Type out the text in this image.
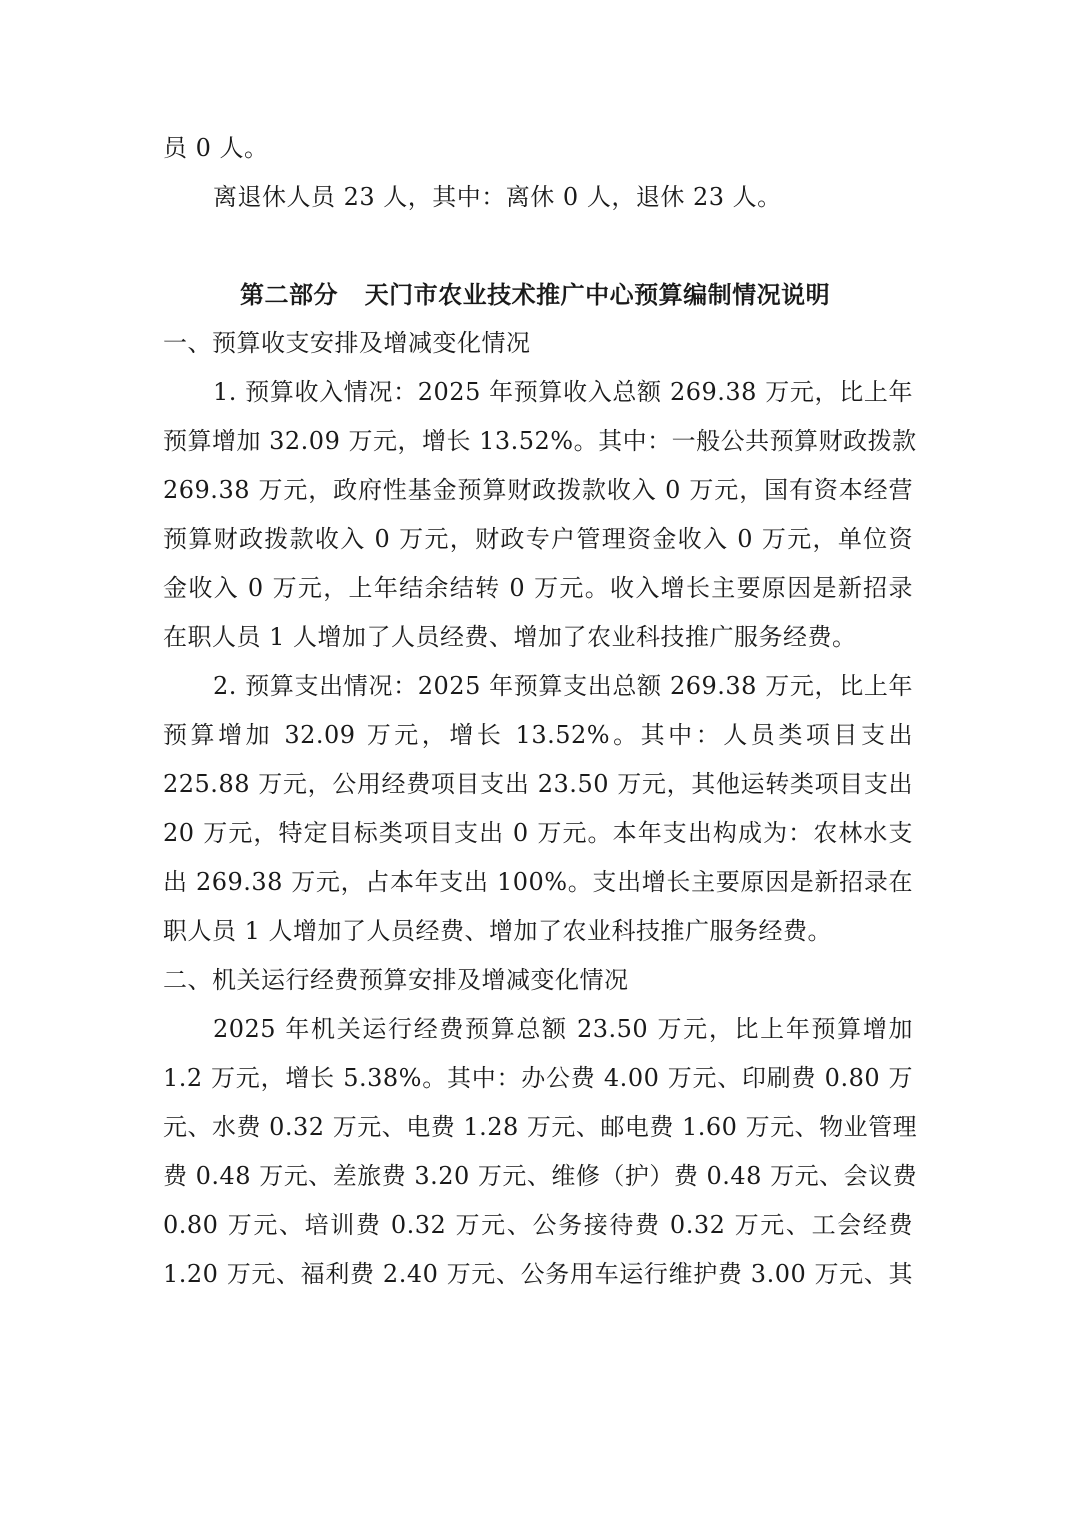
员 0 人。
离退休人员 23 人，其中：离休 0 人，退休 23 人。
第二部分   天门市农业技术推广中心预算编制情况说明
一、预算收支安排及增减变化情况
1. 预算收入情况：2025 年预算收入总额 269.38 万元，比上年
预算增加 32.09 万元，增长 13.52%。其中：一般公共预算财政拨款
269.38 万元，政府性基金预算财政拨款收入 0 万元，国有资本经营
预算财政拨款收入 0 万元，财政专户管理资金收入 0 万元，单位资
金收入 0 万元，上年结余结转 0 万元。收入增长主要原因是新招录
在职人员 1 人增加了人员经费、增加了农业科技推广服务经费。
2. 预算支出情况：2025 年预算支出总额 269.38 万元，比上年
预算增加 32.09 万元，增长 13.52%。其中：人员类项目支出
225.88 万元，公用经费项目支出 23.50 万元，其他运转类项目支出
20 万元，特定目标类项目支出 0 万元。本年支出构成为：农林水支
出 269.38 万元，占本年支出 100%。支出增长主要原因是新招录在
职人员 1 人增加了人员经费、增加了农业科技推广服务经费。
二、机关运行经费预算安排及增减变化情况
2025 年机关运行经费预算总额 23.50 万元，比上年预算增加
1.2 万元，增长 5.38%。其中：办公费 4.00 万元、印刷费 0.80 万
元、水费 0.32 万元、电费 1.28 万元、邮电费 1.60 万元、物业管理
费 0.48 万元、差旅费 3.20 万元、维修（护）费 0.48 万元、会议费
0.80 万元、培训费 0.32 万元、公务接待费 0.32 万元、工会经费
1.20 万元、福利费 2.40 万元、公务用车运行维护费 3.00 万元、其
